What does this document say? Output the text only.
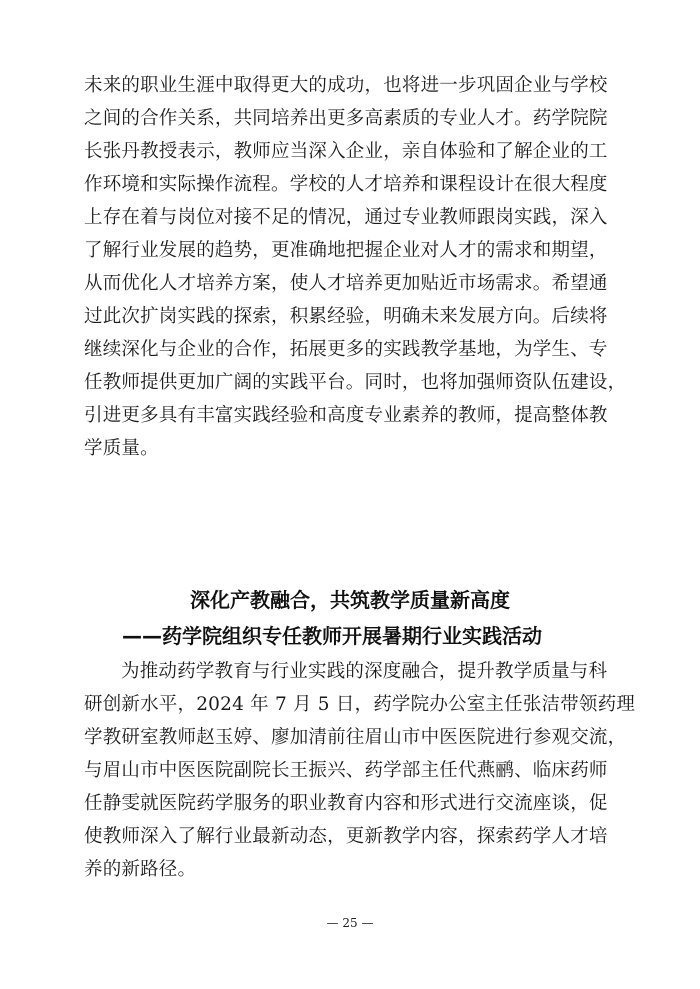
未来的职业生涯中取得更大的成功，也将进一步巩固企业与学校
之间的合作关系，共同培养出更多高素质的专业人才。药学院院
长张丹教授表示，教师应当深入企业，亲自体验和了解企业的工
作环境和实际操作流程。学校的人才培养和课程设计在很大程度
上存在着与岗位对接不足的情况，通过专业教师跟岗实践，深入
了解行业发展的趋势，更准确地把握企业对人才的需求和期望，
从而优化人才培养方案，使人才培养更加贴近市场需求。希望通
过此次扩岗实践的探索，积累经验，明确未来发展方向。后续将
继续深化与企业的合作，拓展更多的实践教学基地，为学生、专
任教师提供更加广阔的实践平台。同时，也将加强师资队伍建设，
引进更多具有丰富实践经验和高度专业素养的教师，提高整体教
学质量。
深化产教融合，共筑教学质量新高度
——药学院组织专任教师开展暑期行业实践活动
为推动药学教育与行业实践的深度融合，提升教学质量与科
研创新水平，2024 年 7 月 5 日，药学院办公室主任张洁带领药理
学教研室教师赵玉婷、廖加清前往眉山市中医医院进行参观交流，
与眉山市中医医院副院长王振兴、药学部主任代燕鹂、临床药师
任静雯就医院药学服务的职业教育内容和形式进行交流座谈，促
使教师深入了解行业最新动态，更新教学内容，探索药学人才培
养的新路径。
— 25 —
